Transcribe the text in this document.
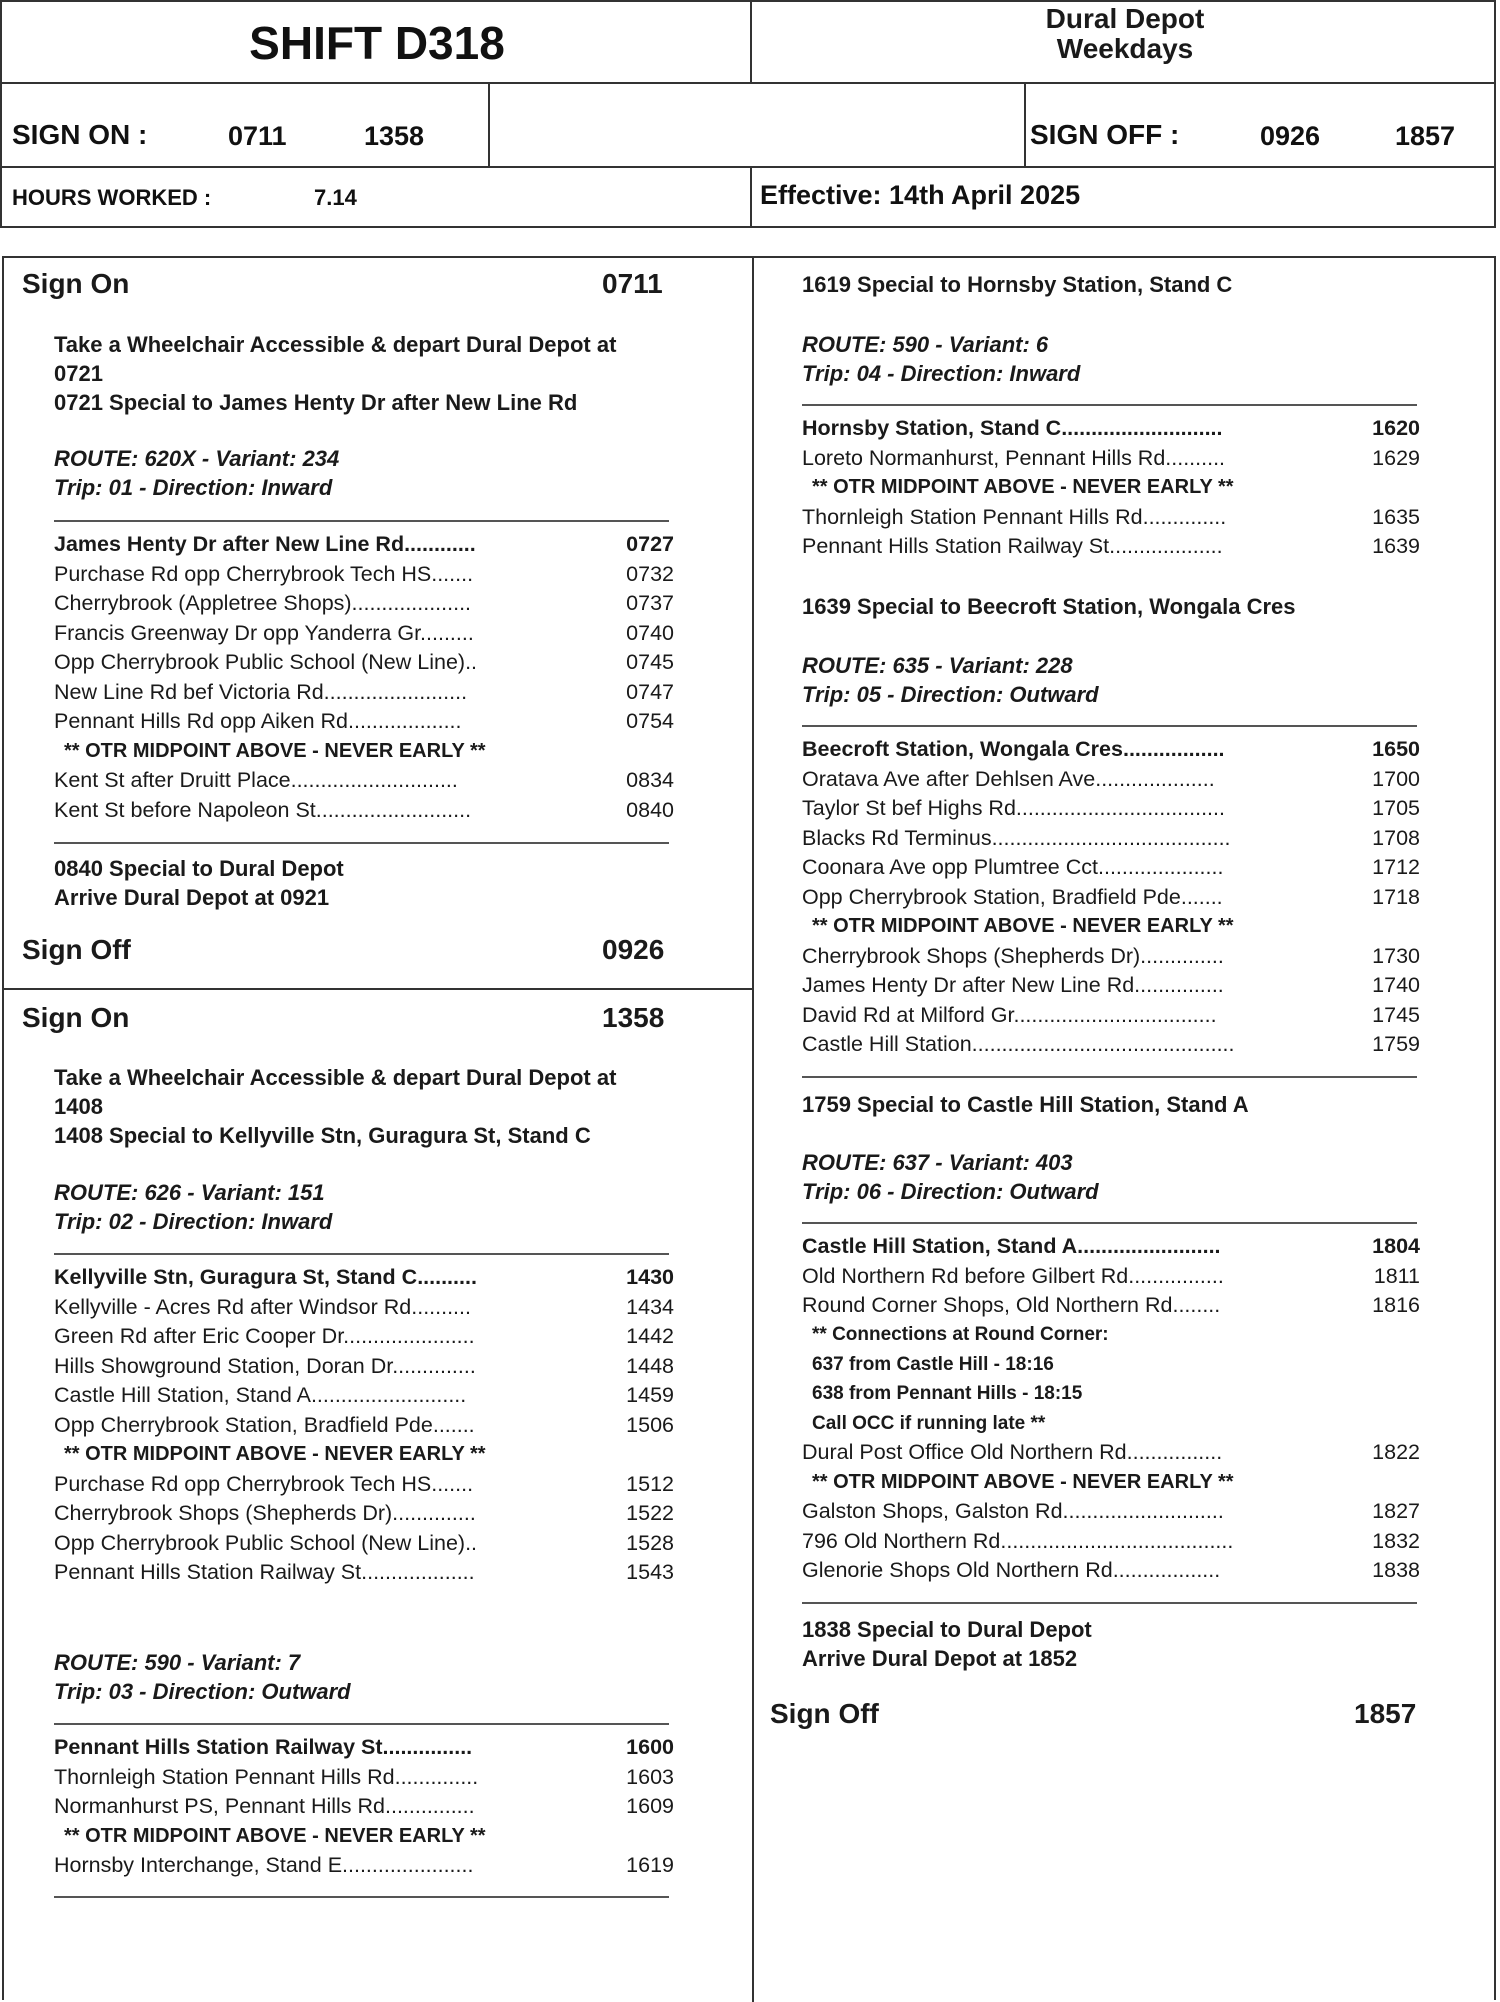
SHIFT D318	Dural Depot
Weekdays
SIGN ON :	0711	1358	SIGN OFF :	0926	1857
HOURS WORKED :	7.14	Effective: 14th April 2025
Sign On	0711
Take a Wheelchair Accessible & depart Dural Depot at
0721
0721 Special to James Henty Dr after New Line Rd
ROUTE: 620X - Variant: 234
Trip: 01 - Direction: Inward
James Henty Dr after New Line Rd............	0727
Purchase Rd opp Cherrybrook Tech HS.......	0732
Cherrybrook (Appletree Shops)....................	0737
Francis Greenway Dr opp Yanderra Gr.........	0740
Opp Cherrybrook Public School (New Line)..	0745
New Line Rd bef Victoria Rd........................	0747
Pennant Hills Rd opp Aiken Rd...................	0754
** OTR MIDPOINT ABOVE - NEVER EARLY **
Kent St after Druitt Place............................	0834
Kent St before Napoleon St..........................	0840
0840 Special to Dural Depot
Arrive Dural Depot at 0921
Sign Off	0926
Sign On	1358
Take a Wheelchair Accessible & depart Dural Depot at
1408
1408 Special to Kellyville Stn, Guragura St, Stand C
ROUTE: 626 - Variant: 151
Trip: 02 - Direction: Inward
Kellyville Stn, Guragura St, Stand C..........	1430
Kellyville - Acres Rd after Windsor Rd..........	1434
Green Rd after Eric Cooper Dr......................	1442
Hills Showground Station, Doran Dr..............	1448
Castle Hill Station, Stand A..........................	1459
Opp Cherrybrook Station, Bradfield Pde.......	1506
** OTR MIDPOINT ABOVE - NEVER EARLY **
Purchase Rd opp Cherrybrook Tech HS.......	1512
Cherrybrook Shops (Shepherds Dr)..............	1522
Opp Cherrybrook Public School (New Line)..	1528
Pennant Hills Station Railway St...................	1543
ROUTE: 590 - Variant: 7
Trip: 03 - Direction: Outward
Pennant Hills Station Railway St...............	1600
Thornleigh Station Pennant Hills Rd..............	1603
Normanhurst PS, Pennant Hills Rd...............	1609
** OTR MIDPOINT ABOVE - NEVER EARLY **
Hornsby Interchange, Stand E......................	1619
1619 Special to Hornsby Station, Stand C
ROUTE: 590 - Variant: 6
Trip: 04 - Direction: Inward
Hornsby Station, Stand C...........................	1620
Loreto Normanhurst, Pennant Hills Rd..........	1629
** OTR MIDPOINT ABOVE - NEVER EARLY **
Thornleigh Station Pennant Hills Rd..............	1635
Pennant Hills Station Railway St...................	1639
1639 Special to Beecroft Station, Wongala Cres
ROUTE: 635 - Variant: 228
Trip: 05 - Direction: Outward
Beecroft Station, Wongala Cres.................	1650
Oratava Ave after Dehlsen Ave....................	1700
Taylor St bef Highs Rd...................................	1705
Blacks Rd Terminus........................................	1708
Coonara Ave opp Plumtree Cct.....................	1712
Opp Cherrybrook Station, Bradfield Pde.......	1718
** OTR MIDPOINT ABOVE - NEVER EARLY **
Cherrybrook Shops (Shepherds Dr)..............	1730
James Henty Dr after New Line Rd...............	1740
David Rd at Milford Gr..................................	1745
Castle Hill Station............................................	1759
1759 Special to Castle Hill Station, Stand A
ROUTE: 637 - Variant: 403
Trip: 06 - Direction: Outward
Castle Hill Station, Stand A........................	1804
Old Northern Rd before Gilbert Rd................	1811
Round Corner Shops, Old Northern Rd........	1816
** Connections at Round Corner:
637 from Castle Hill - 18:16
638 from Pennant Hills - 18:15
Call OCC if running late **
Dural Post Office Old Northern Rd................	1822
** OTR MIDPOINT ABOVE - NEVER EARLY **
Galston Shops, Galston Rd...........................	1827
796 Old Northern Rd.......................................	1832
Glenorie Shops Old Northern Rd..................	1838
1838 Special to Dural Depot
Arrive Dural Depot at 1852
Sign Off	1857
